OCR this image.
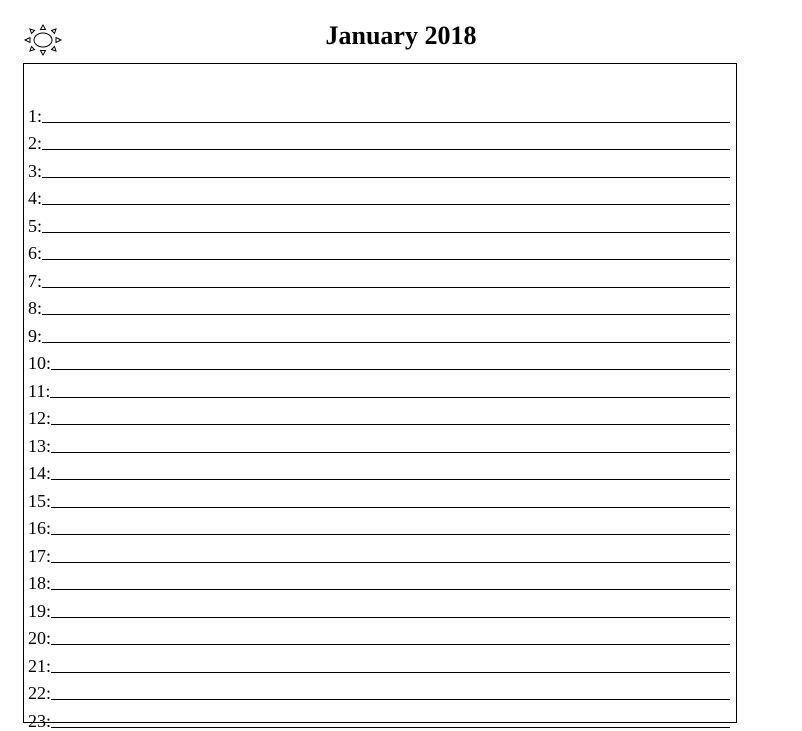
January 2018
1:
2:
3:
4:
5:
6:
7:
8:
9:
10:
11:
12:
13:
14:
15:
16:
17:
18:
19:
20:
21:
22:
23:
